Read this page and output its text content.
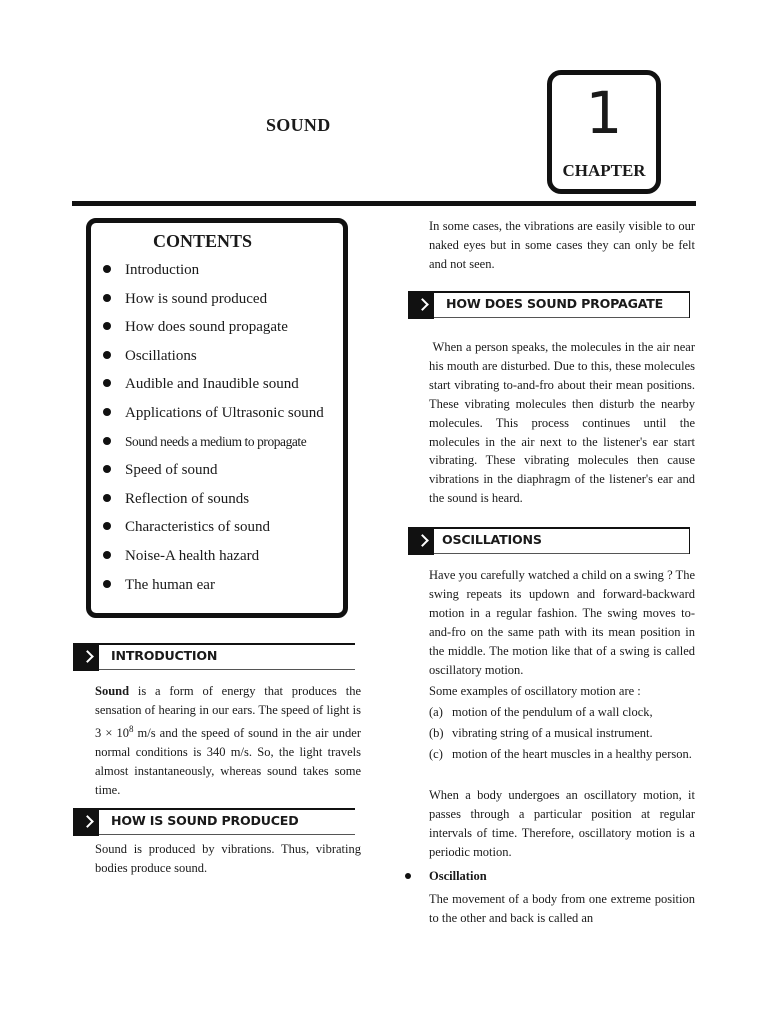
SOUND	1
CHAPTER
CONTENTS
Introduction
How is sound produced
How does sound propagate
Oscillations
Audible and Inaudible sound
Applications of Ultrasonic sound
Sound needs a medium to propagate
Speed of sound
Reflection of sounds
Characteristics of sound
Noise-A health hazard
The human ear
INTRODUCTION
Sound is a form of energy that produces the sensation of hearing in our ears. The speed of light is $3 \times 10^8$ m/s and the speed of sound in the air under normal conditions is 340 m/s. So, the light travels almost instantaneously, whereas sound takes some time.
HOW IS SOUND PRODUCED
Sound is produced by vibrations. Thus, vibrating bodies produce sound.
In some cases, the vibrations are easily visible to our naked eyes but in some cases they can only be felt and not seen.
HOW DOES SOUND PROPAGATE
When a person speaks, the molecules in the air near his mouth are disturbed. Due to this, these molecules start vibrating to-and-fro about their mean positions. These vibrating molecules then disturb the nearby molecules. This process continues until the molecules in the air next to the listener's ear start vibrating. These vibrating molecules then cause vibrations in the diaphragm of the listener's ear and the sound is heard.
OSCILLATIONS
Have you carefully watched a child on a swing ? The swing repeats its updown and forward-backward motion in a regular fashion. The swing moves to-and-fro on the same path with its mean position in the middle. The motion like that of a swing is called oscillatory motion.
Some examples of oscillatory motion are :
(a) motion of the pendulum of a wall clock,
(b) vibrating string of a musical instrument.
(c) motion of the heart muscles in a healthy person.
When a body undergoes an oscillatory motion, it passes through a particular position at regular intervals of time. Therefore, oscillatory motion is a periodic motion.
Oscillation
The movement of a body from one extreme position to the other and back is called an
